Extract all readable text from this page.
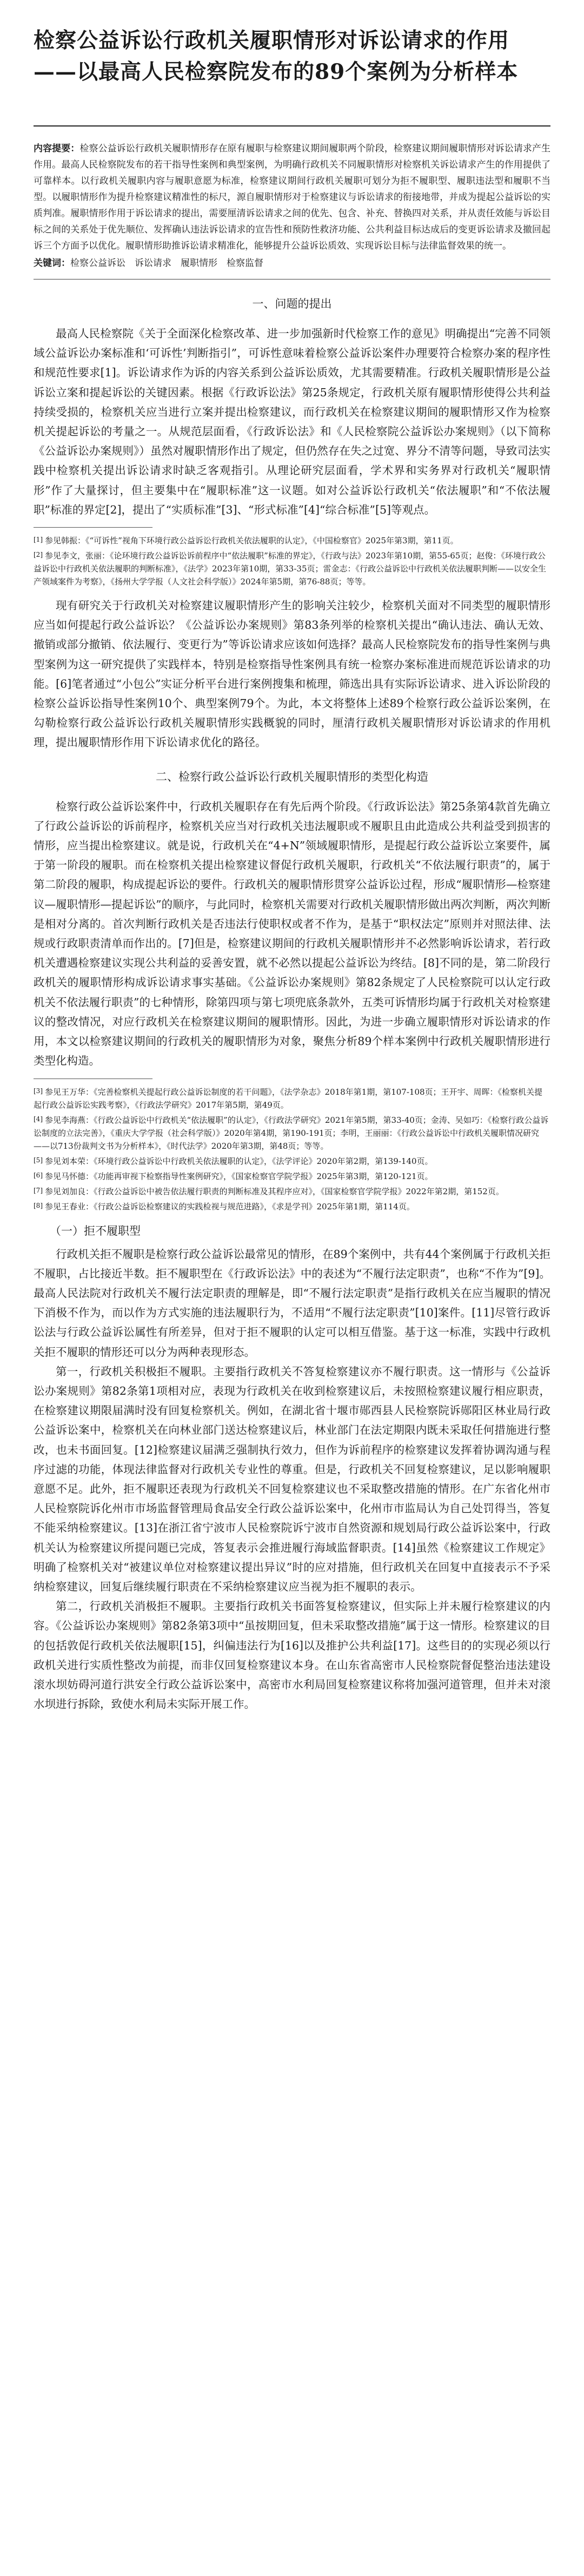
检察公益诉讼行政机关履职情形对诉讼请求的作用
——以最高人民检察院发布的89个案例为分析样本

内容提要：检察公益诉讼行政机关履职情形存在原有履职与检察建议期间履职两个阶段，检察建议期间履职情形对诉讼请求产生作用。最高人民检察院发布的若干指导性案例和典型案例，为明确行政机关不同履职情形对检察机关诉讼请求产生的作用提供了可靠样本。以行政机关履职内容与履职意愿为标准，检察建议期间行政机关履职可划分为拒不履职型、履职违法型和履职不当型。以履职情形作为提升检察建议精准性的标尺，源自履职情形对于检察建议与诉讼请求的衔接地带，并成为提起公益诉讼的实质判准。履职情形作用于诉讼请求的提出，需要厘清诉讼请求之间的优先、包含、补充、替换四对关系，并从责任效能与诉讼目标之间的关系处于优先顺位、发挥确认违法诉讼请求的宣告性和预防性救济功能、公共利益目标达成后的变更诉讼请求及撤回起诉三个方面予以优化。履职情形助推诉讼请求精准化，能够提升公益诉讼质效、实现诉讼目标与法律监督效果的统一。

关键词：检察公益诉讼　诉讼请求　履职情形　检察监督

一、问题的提出

最高人民检察院《关于全面深化检察改革、进一步加强新时代检察工作的意见》明确提出“完善不同领域公益诉讼办案标准和‘可诉性’判断指引”，可诉性意味着检察公益诉讼案件办理要符合检察办案的程序性和规范性要求[1]。诉讼请求作为诉的内容关系到公益诉讼质效，尤其需要精准。行政机关履职情形是公益诉讼立案和提起诉讼的关键因素。根据《行政诉讼法》第25条规定，行政机关原有履职情形使得公共利益持续受损的，检察机关应当进行立案并提出检察建议，而行政机关在检察建议期间的履职情形又作为检察机关提起诉讼的考量之一。从规范层面看，《行政诉讼法》和《人民检察院公益诉讼办案规则》（以下简称《公益诉讼办案规则》）虽然对履职情形作出了规定，但仍然存在失之过宽、界分不清等问题，导致司法实践中检察机关提出诉讼请求时缺乏客观指引。从理论研究层面看，学术界和实务界对行政机关“履职情形”作了大量探讨，但主要集中在“履职标准”这一议题。如对公益诉讼行政机关“依法履职”和“不依法履职”标准的界定[2]，提出了“实质标准”[3]、“形式标准”[4]“综合标准”[5]等观点。

[1] 参见韩振：《“可诉性”视角下环境行政公益诉讼行政机关依法履职的认定》，《中国检察官》2025年第3期，第11页。

[2] 参见李文，张丽：《论环境行政公益诉讼诉前程序中“依法履职”标准的界定》，《行政与法》2023年第10期，第55-65页；赵俊：《环境行政公益诉讼中行政机关依法履职的判断标准》，《法学》2023年第10期，第33-35页；雷金志：《行政公益诉讼中行政机关依法履职判断——以安全生产领域案件为考察》，《扬州大学学报（人文社会科学版）》2024年第5期，第76-88页；等等。

现有研究关于行政机关对检察建议履职情形产生的影响关注较少，检察机关面对不同类型的履职情形应当如何提起行政公益诉讼？《公益诉讼办案规则》第83条列举的检察机关提出“确认违法、确认无效、撤销或部分撤销、依法履行、变更行为”等诉讼请求应该如何选择？最高人民检察院发布的指导性案例与典型案例为这一研究提供了实践样本，特别是检察指导性案例具有统一检察办案标准进而规范诉讼请求的功能。[6]笔者通过“小包公”实证分析平台进行案例搜集和梳理，筛选出具有实际诉讼请求、进入诉讼阶段的检察公益诉讼指导性案例10个、典型案例79个。为此，本文将整体上述89个检察行政公益诉讼案例，在勾勒检察行政公益诉讼行政机关履职情形实践概貌的同时，厘清行政机关履职情形对诉讼请求的作用机理，提出履职情形作用下诉讼请求优化的路径。

二、检察行政公益诉讼行政机关履职情形的类型化构造

检察行政公益诉讼案件中，行政机关履职存在有先后两个阶段。《行政诉讼法》第25条第4款首先确立了行政公益诉讼的诉前程序，检察机关应当对行政机关违法履职或不履职且由此造成公共利益受到损害的情形，应当提出检察建议。就是说，行政机关在“4+N”领域履职情形，是提起行政公益诉讼立案要件，属于第一阶段的履职。而在检察机关提出检察建议督促行政机关履职，行政机关“不依法履行职责”的，属于第二阶段的履职，构成提起诉讼的要件。行政机关的履职情形贯穿公益诉讼过程，形成“履职情形—检察建议—履职情形—提起诉讼”的顺序，与此同时，检察机关需要对行政机关履职情形做出两次判断，两次判断是相对分离的。首次判断行政机关是否违法行使职权或者不作为，是基于“职权法定”原则并对照法律、法规或行政职责清单而作出的。[7]但是，检察建议期间的行政机关履职情形并不必然影响诉讼请求，若行政机关遭遇检察建议实现公共利益的妥善安置，就不必然以提起公益诉讼为终结。[8]不同的是，第二阶段行政机关的履职情形构成诉讼请求事实基础。《公益诉讼办案规则》第82条规定了人民检察院可以认定行政机关不依法履行职责”的七种情形，除第四项与第七项兜底条款外，五类可诉情形均属于行政机关对检察建议的整改情况，对应行政机关在检察建议期间的履职情形。因此，为进一步确立履职情形对诉讼请求的作用，本文以检察建议期间的行政机关的履职情形为对象，聚焦分析89个样本案例中行政机关履职情形进行类型化构造。

[3] 参见王万华：《完善检察机关提起行政公益诉讼制度的若干问题》，《法学杂志》2018年第1期，第107-108页；王开宇、周晖：《检察机关提起行政公益诉讼实践考察》，《行政法学研究》2017年第5期，第49页。

[4] 参见李海燕：《行政公益诉讼中行政机关“依法履职”的认定》，《行政法学研究》2021年第5期，第33-40页；金涛、吴如巧：《检察行政公益诉讼制度的立法完善》，《重庆大学学报（社会科学版）》2020年第4期，第190-191页；李明，王丽丽：《行政公益诉讼中行政机关履职情况研究——以713份裁判文书为分析样本》，《时代法学》2020年第3期，第48页；等等。

[5] 参见刘本荣：《环境行政公益诉讼中行政机关依法履职的认定》，《法学评论》2020年第2期，第139-140页。

[6] 参见马怀德：《功能再审视下检察指导性案例研究》，《国家检察官学院学报》2025年第3期，第120-121页。

[7] 参见刘加良：《行政公益诉讼中被告依法履行职责的判断标准及其程序应对》，《国家检察官学院学报》2022年第2期，第152页。

[8] 参见王春业：《行政公益诉讼检察建议的实践检视与规范进路》，《求是学刊》2025年第1期，第114页。

（一）拒不履职型

行政机关拒不履职是检察行政公益诉讼最常见的情形，在89个案例中，共有44个案例属于行政机关拒不履职，占比接近半数。拒不履职型在《行政诉讼法》中的表述为“不履行法定职责”，也称“不作为”[9]。最高人民法院对行政机关不履行法定职责的理解是，即“不履行法定职责”是指行政机关在应当履职的情况下消极不作为，而以作为方式实施的违法履职行为，不适用“不履行法定职责”[10]案件。[11]尽管行政诉讼法与行政公益诉讼属性有所差异，但对于拒不履职的认定可以相互借鉴。基于这一标准，实践中行政机关拒不履职的情形还可以分为两种表现形态。

第一，行政机关积极拒不履职。主要指行政机关不答复检察建议亦不履行职责。这一情形与《公益诉讼办案规则》第82条第1项相对应，表现为行政机关在收到检察建议后，未按照检察建议履行相应职责，在检察建议期限届满时没有回复检察机关。例如，在湖北省十堰市郧西县人民检察院诉郧阳区林业局行政公益诉讼案中，检察机关在向林业部门送达检察建议后，林业部门在法定期限内既未采取任何措施进行整改，也未书面回复。[12]检察建议届满乏强制执行效力，但作为诉前程序的检察建议发挥着协调沟通与程序过滤的功能，体现法律监督对行政机关专业性的尊重。但是，行政机关不回复检察建议，足以影响履职意愿不足。此外，拒不履职还表现为行政机关不回复检察建议也不采取整改措施的情形。在广东省化州市人民检察院诉化州市市场监督管理局食品安全行政公益诉讼案中，化州市市监局认为自己处罚得当，答复不能采纳检察建议。[13]在浙江省宁波市人民检察院诉宁波市自然资源和规划局行政公益诉讼案中，行政机关认为检察建议所提问题已完成，答复表示会推进履行海域监督职责。[14]虽然《检察建议工作规定》明确了检察机关对“被建议单位对检察建议提出异议”时的应对措施，但行政机关在回复中直接表示不予采纳检察建议，回复后继续履行职责在不采纳检察建议应当视为拒不履职的表示。

第二，行政机关消极拒不履职。主要指行政机关书面答复检察建议，但实际上并未履行检察建议的内容。《公益诉讼办案规则》第82条第3项中“虽按期回复，但未采取整改措施”属于这一情形。检察建议的目的包括敦促行政机关依法履职[15]，纠偏违法行为[16]以及推护公共利益[17]。这些目的的实现必须以行政机关进行实质性整改为前提，而非仅回复检察建议本身。在山东省高密市人民检察院督促整治违法建设滚水坝妨碍河道行洪安全行政公益诉讼案中，高密市水利局回复检察建议称将加强河道管理，但并未对滚水坝进行拆除，致使水利局未实际开展工作。
